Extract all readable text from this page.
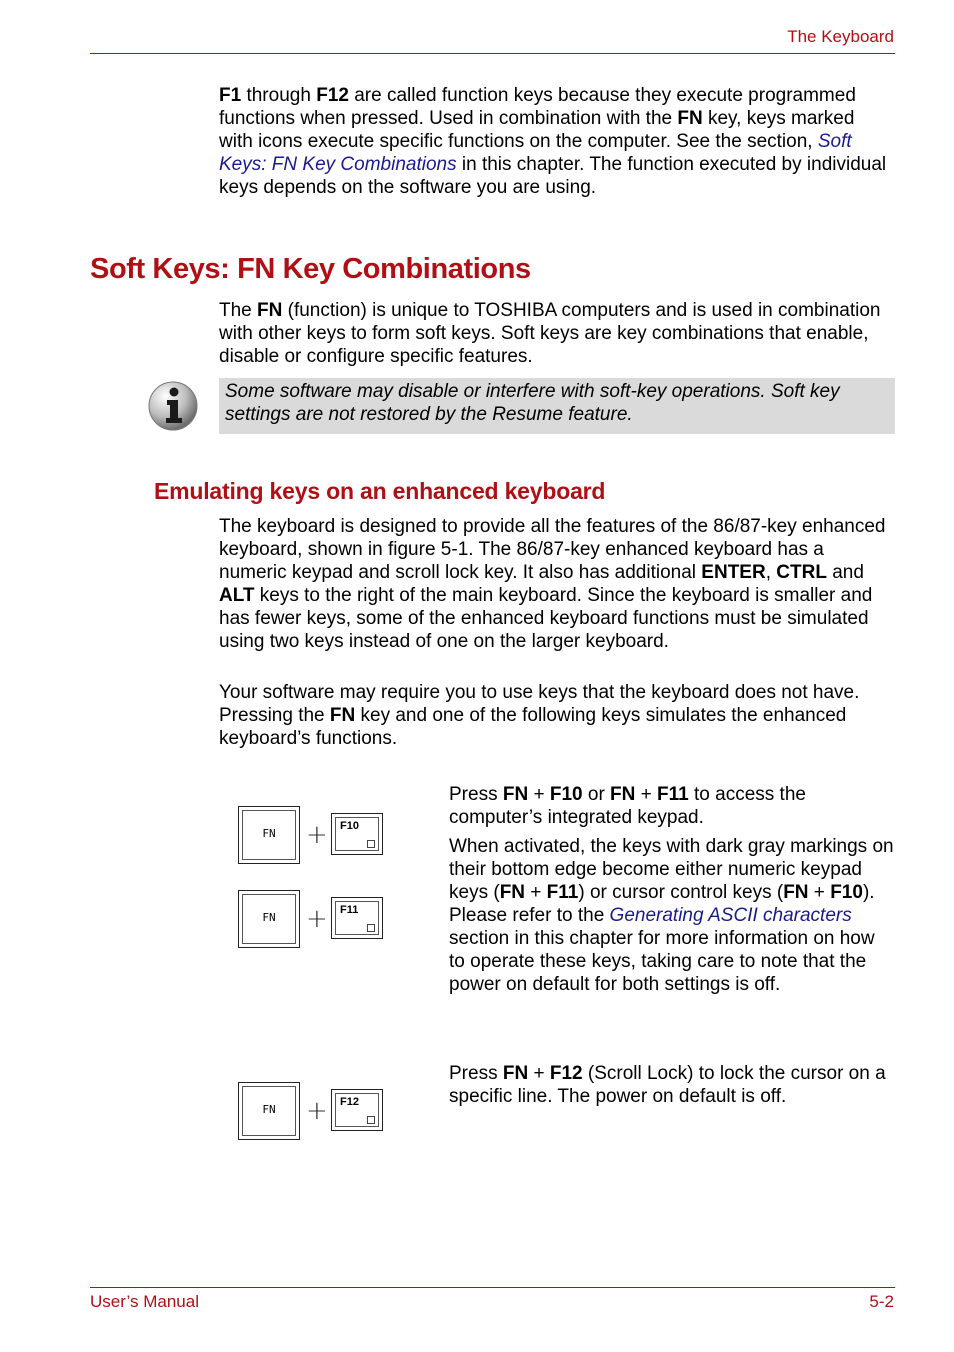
The Keyboard

F1 through F12 are called function keys because they execute programmed functions when pressed. Used in combination with the FN key, keys marked with icons execute specific functions on the computer. See the section, Soft Keys: FN Key Combinations in this chapter. The function executed by individual keys depends on the software you are using.

Soft Keys: FN Key Combinations

The FN (function) is unique to TOSHIBA computers and is used in combination with other keys to form soft keys. Soft keys are key combinations that enable, disable or configure specific features.

Some software may disable or interfere with soft-key operations. Soft key settings are not restored by the Resume feature.
Emulating keys on an enhanced keyboard

The keyboard is designed to provide all the features of the 86/87-key enhanced keyboard, shown in figure 5-1. The 86/87-key enhanced keyboard has a numeric keypad and scroll lock key. It also has additional ENTER, CTRL and ALT keys to the right of the main keyboard. Since the keyboard is smaller and has fewer keys, some of the enhanced keyboard functions must be simulated using two keys instead of one on the larger keyboard.

Your software may require you to use keys that the keyboard does not have. Pressing the FN key and one of the following keys simulates the enhanced keyboard’s functions.

FN	+ F10
FN	+ F11

Press FN + F10 or FN + F11 to access the computer’s integrated keypad.

When activated, the keys with dark gray markings on their bottom edge become either numeric keypad keys (FN + F11) or cursor control keys (FN + F10). Please refer to the Generating ASCII characters section in this chapter for more information on how to operate these keys, taking care to note that the power on default for both settings is off.

FN	+ F12

Press FN + F12 (Scroll Lock) to lock the cursor on a specific line. The power on default is off.

User’s Manual	5-2
